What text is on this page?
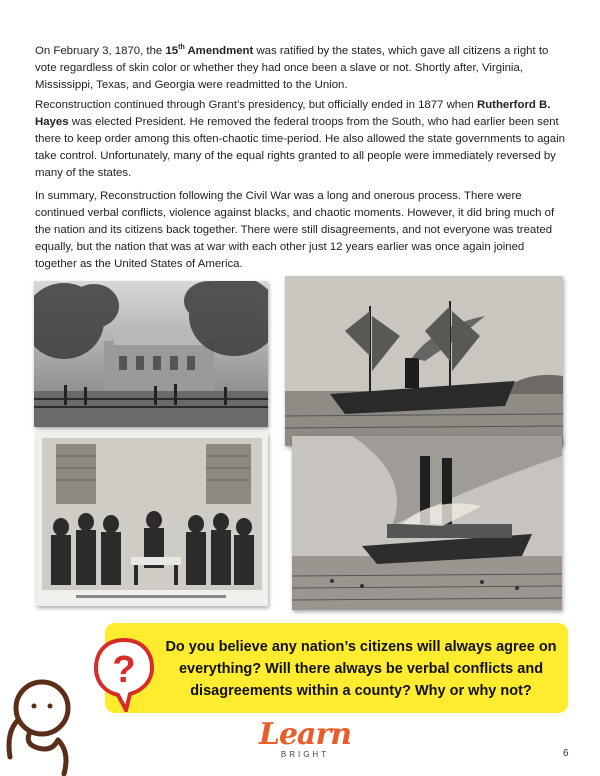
On February 3, 1870, the 15th Amendment was ratified by the states, which gave all citizens a right to vote regardless of skin color or whether they had once been a slave or not. Shortly after, Virginia, Mississippi, Texas, and Georgia were readmitted to the Union.

Reconstruction continued through Grant’s presidency, but officially ended in 1877 when Rutherford B. Hayes was elected President. He removed the federal troops from the South, who had earlier been sent there to keep order among this often-chaotic time-period. He also allowed the state governments to again take control. Unfortunately, many of the equal rights granted to all people were immediately reversed by many of the states.

In summary, Reconstruction following the Civil War was a long and onerous process. There were continued verbal conflicts, violence against blacks, and chaotic moments. However, it did bring much of the nation and its citizens back together. There were still disagreements, and not everyone was treated equally, but the nation that was at war with each other just 12 years earlier was once again joined together as the United States of America.

Do you believe any nation’s citizens will always agree on everything? Will there always be verbal conflicts and disagreements within a county? Why or why not?

?
Learn
BRIGHT	6
